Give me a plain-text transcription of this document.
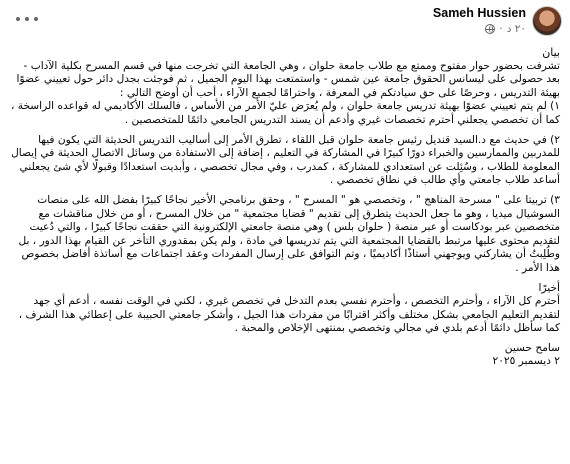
Sameh Hussien
٢٠ د
·

بيان

تشرفت بحضور حوار مفتوح وممتع مع طلاب جامعة حلوان ، وهي الجامعة التي تخرجت منها في قسم المسرح بكلية الآداب - بعد حصولى على ليسانس الحقوق جامعة عين شمس - واستمتعت بهذا اليوم الجميل ، ثم فوجئت بجدل دائر حول تعييني عضوًا بهيئة التدريس ، وحرصًا على حق سيادتكم في المعرفة ، واحترامًا لجميع الآراء ، أحب أن أوضح التالي :

١) لم يتم تعييني عضوًا بهيئة تدريس جامعة حلوان ، ولم يُعرَض عليّ الأمر من الأساس ، فالسلك الأكاديمي له قواعده الراسخة ، كما أن تخصصي يجعلني أحترم تخصصات غيري وأدعم أن يسند التدريس الجامعي دائمًا للمتخصصين .

٢) في حديث مع د.السيد قنديل رئيس جامعة حلوان قبل اللقاء ، تطرق الأمر إلى أساليب التدريس الحديثة التي يكون فيها للمدربين والممارسين والخبراء دورًا كبيرًا في المشاركة في التعليم ، إضافة إلى الاستفادة من وسائل الاتصال الحديثة في إيصال المعلومة للطلاب ، وسُئِلت عن استعدادي للمشاركة ، كمدرب ، وفي مجال تخصصي ، وأبديت استعدادًا وقبولًا لأي شئ يجعلني أساعد طلاب جامعتي وأي طالب في نطاق تخصصي .

٣) تربيتا على " مسرحة المناهج " ، وتخصصي هو " المسرح " ، وحقق برنامجي الأخير نجاحًا كبيرًا بفضل الله على منصات السوشيال ميديا ، وهو ما جعل الحديث يتطرق إلى تقديم " قضايا مجتمعية " من خلال المسرح ، أو من خلال مناقشات مع متخصصين عبر بودكاست أو عبر منصة ( حلوان بلس ) وهي منصة جامعتي الإلكترونية التي حققت نجاحًا كبيرًا ، والتي دُعيت لتقديم محتوى عليها مرتبط بالقضايا المجتمعية التي يتم تدريسها في مادة ، ولم يكن بمقدوري التأخر عن القيام بهذا الدور ، بل وطُلِبتُ أن يشاركني ويوجهني أستاذًا أكاديميًا ، وتم التوافق على إرسال المفردات وعقد اجتماعات مع أساتذة أفاضل بخصوص هذا الأمر .

أخيرًا

أحترم كل الآراء ، وأحترم التخصص ، وأحترم نفسي بعدم التدخل في تخصص غيري ، لكني في الوقت نفسه ، أدعم أي جهد لتقديم التعليم الجامعي بشكل مختلف وأكثر اقترابًا من مفردات هذا الجيل ، وأشكر جامعتي الحبيبة على إعطائي هذا الشرف ، كما سأظل دائمًا أدعم بلدي في مجالي وتخصصي بمنتهى الإخلاص والمحبة .

سامح حسين

٢ ديسمبر ٢٠٢٥
